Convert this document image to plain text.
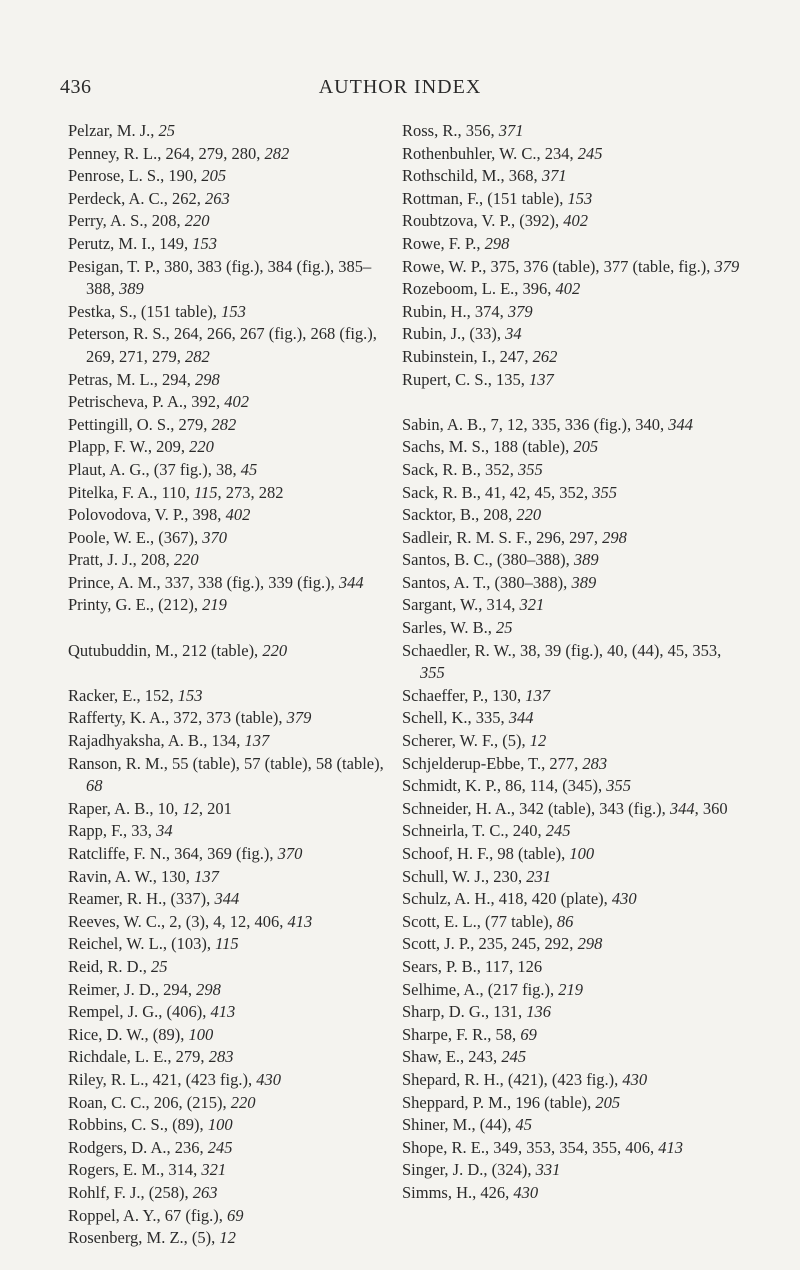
436	AUTHOR INDEX

Pelzar, M. J., 25

Penney, R. L., 264, 279, 280, 282

Penrose, L. S., 190, 205

Perdeck, A. C., 262, 263

Perry, A. S., 208, 220

Perutz, M. I., 149, 153

Pesigan, T. P., 380, 383 (fig.), 384 (fig.), 385–388, 389

Pestka, S., (151 table), 153

Peterson, R. S., 264, 266, 267 (fig.), 268 (fig.), 269, 271, 279, 282

Petras, M. L., 294, 298

Petrischeva, P. A., 392, 402

Pettingill, O. S., 279, 282

Plapp, F. W., 209, 220

Plaut, A. G., (37 fig.), 38, 45

Pitelka, F. A., 110, 115, 273, 282

Polovodova, V. P., 398, 402

Poole, W. E., (367), 370

Pratt, J. J., 208, 220

Prince, A. M., 337, 338 (fig.), 339 (fig.), 344

Printy, G. E., (212), 219

Qutubuddin, M., 212 (table), 220

Racker, E., 152, 153

Rafferty, K. A., 372, 373 (table), 379

Rajadhyaksha, A. B., 134, 137

Ranson, R. M., 55 (table), 57 (table), 58 (table), 68

Raper, A. B., 10, 12, 201

Rapp, F., 33, 34

Ratcliffe, F. N., 364, 369 (fig.), 370

Ravin, A. W., 130, 137

Reamer, R. H., (337), 344

Reeves, W. C., 2, (3), 4, 12, 406, 413

Reichel, W. L., (103), 115

Reid, R. D., 25

Reimer, J. D., 294, 298

Rempel, J. G., (406), 413

Rice, D. W., (89), 100

Richdale, L. E., 279, 283

Riley, R. L., 421, (423 fig.), 430

Roan, C. C., 206, (215), 220

Robbins, C. S., (89), 100

Rodgers, D. A., 236, 245

Rogers, E. M., 314, 321

Rohlf, F. J., (258), 263

Roppel, A. Y., 67 (fig.), 69

Rosenberg, M. Z., (5), 12

Ross, R., 356, 371

Rothenbuhler, W. C., 234, 245

Rothschild, M., 368, 371

Rottman, F., (151 table), 153

Roubtzova, V. P., (392), 402

Rowe, F. P., 298

Rowe, W. P., 375, 376 (table), 377 (table, fig.), 379

Rozeboom, L. E., 396, 402

Rubin, H., 374, 379

Rubin, J., (33), 34

Rubinstein, I., 247, 262

Rupert, C. S., 135, 137

Sabin, A. B., 7, 12, 335, 336 (fig.), 340, 344

Sachs, M. S., 188 (table), 205

Sack, R. B., 352, 355

Sack, R. B., 41, 42, 45, 352, 355

Sacktor, B., 208, 220

Sadleir, R. M. S. F., 296, 297, 298

Santos, B. C., (380–388), 389

Santos, A. T., (380–388), 389

Sargant, W., 314, 321

Sarles, W. B., 25

Schaedler, R. W., 38, 39 (fig.), 40, (44), 45, 353, 355

Schaeffer, P., 130, 137

Schell, K., 335, 344

Scherer, W. F., (5), 12

Schjelderup-Ebbe, T., 277, 283

Schmidt, K. P., 86, 114, (345), 355

Schneider, H. A., 342 (table), 343 (fig.), 344, 360

Schneirla, T. C., 240, 245

Schoof, H. F., 98 (table), 100

Schull, W. J., 230, 231

Schulz, A. H., 418, 420 (plate), 430

Scott, E. L., (77 table), 86

Scott, J. P., 235, 245, 292, 298

Sears, P. B., 117, 126

Selhime, A., (217 fig.), 219

Sharp, D. G., 131, 136

Sharpe, F. R., 58, 69

Shaw, E., 243, 245

Shepard, R. H., (421), (423 fig.), 430

Sheppard, P. M., 196 (table), 205

Shiner, M., (44), 45

Shope, R. E., 349, 353, 354, 355, 406, 413

Singer, J. D., (324), 331

Simms, H., 426, 430
